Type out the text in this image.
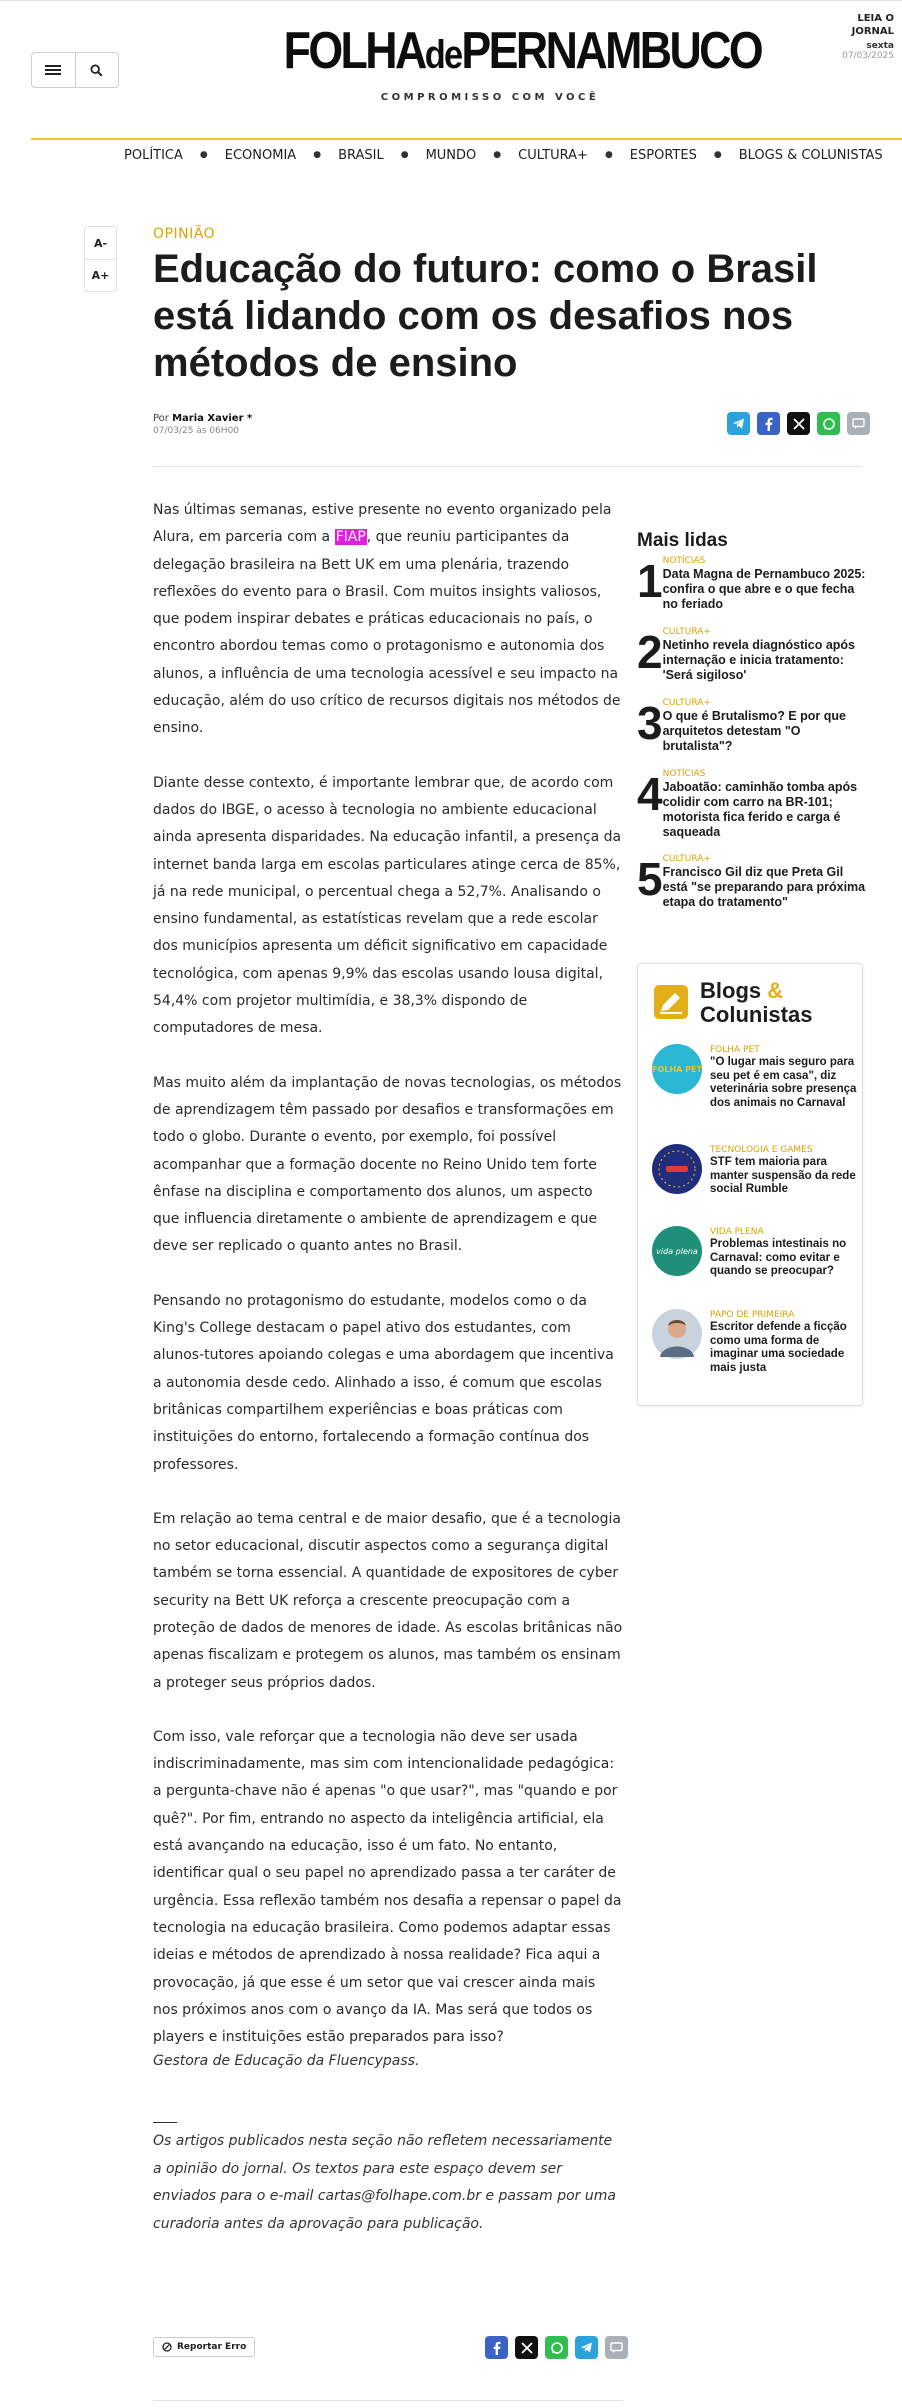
FOLHAdePERNAMBUCO
COMPROMISSO COM VOCÊ
LEIA O JORNAL
sexta
07/03/2025
POLÍTICA ● ECONOMIA ● BRASIL ● MUNDO ● CULTURA+ ● ESPORTES ● BLOGS & COLUNISTAS
A-
A+
OPINIÃO
Educação do futuro: como o Brasil está lidando com os desafios nos métodos de ensino
Por Maria Xavier *
07/03/25 às 06H00

Nas últimas semanas, estive presente no evento organizado pela Alura, em parceria com a FIAP, que reuniu participantes da delegação brasileira na Bett UK em uma plenária, trazendo reflexões do evento para o Brasil. Com muitos insights valiosos, que podem inspirar debates e práticas educacionais no país, o encontro abordou temas como o protagonismo e autonomia dos alunos, a influência de uma tecnologia acessível e seu impacto na educação, além do uso crítico de recursos digitais nos métodos de ensino.

Diante desse contexto, é importante lembrar que, de acordo com dados do IBGE, o acesso à tecnologia no ambiente educacional ainda apresenta disparidades. Na educação infantil, a presença da internet banda larga em escolas particulares atinge cerca de 85%, já na rede municipal, o percentual chega a 52,7%. Analisando o ensino fundamental, as estatísticas revelam que a rede escolar dos municípios apresenta um déficit significativo em capacidade tecnológica, com apenas 9,9% das escolas usando lousa digital, 54,4% com projetor multimídia, e 38,3% dispondo de computadores de mesa.

Mas muito além da implantação de novas tecnologias, os métodos de aprendizagem têm passado por desafios e transformações em todo o globo. Durante o evento, por exemplo, foi possível acompanhar que a formação docente no Reino Unido tem forte ênfase na disciplina e comportamento dos alunos, um aspecto que influencia diretamente o ambiente de aprendizagem e que deve ser replicado o quanto antes no Brasil.

Pensando no protagonismo do estudante, modelos como o da King's College destacam o papel ativo dos estudantes, com alunos-tutores apoiando colegas e uma abordagem que incentiva a autonomia desde cedo. Alinhado a isso, é comum que escolas britânicas compartilhem experiências e boas práticas com instituições do entorno, fortalecendo a formação contínua dos professores.

Em relação ao tema central e de maior desafio, que é a tecnologia no setor educacional, discutir aspectos como a segurança digital também se torna essencial. A quantidade de expositores de cyber security na Bett UK reforça a crescente preocupação com a proteção de dados de menores de idade. As escolas britânicas não apenas fiscalizam e protegem os alunos, mas também os ensinam a proteger seus próprios dados.

Com isso, vale reforçar que a tecnologia não deve ser usada indiscriminadamente, mas sim com intencionalidade pedagógica: a pergunta-chave não é apenas "o que usar?", mas "quando e por quê?". Por fim, entrando no aspecto da inteligência artificial, ela está avançando na educação, isso é um fato. No entanto, identificar qual o seu papel no aprendizado passa a ter caráter de urgência. Essa reflexão também nos desafia a repensar o papel da tecnologia na educação brasileira. Como podemos adaptar essas ideias e métodos de aprendizado à nossa realidade? Fica aqui a provocação, já que esse é um setor que vai crescer ainda mais nos próximos anos com o avanço da IA. Mas será que todos os players e instituições estão preparados para isso?

Gestora de Educação da Fluencypass.
Os artigos publicados nesta seção não refletem necessariamente a opinião do jornal. Os textos para este espaço devem ser enviados para o e-mail cartas@folhape.com.br e passam por uma curadoria antes da aprovação para publicação.
Reportar Erro
Mais lidas
1 NOTÍCIAS
Data Magna de Pernambuco 2025: confira o que abre e o que fecha no feriado
2 CULTURA+
Netinho revela diagnóstico após internação e inicia tratamento: 'Será sigiloso'
3 CULTURA+
O que é Brutalismo? E por que arquitetos detestam "O brutalista"?
4 NOTÍCIAS
Jaboatão: caminhão tomba após colidir com carro na BR-101; motorista fica ferido e carga é saqueada
5 CULTURA+
Francisco Gil diz que Preta Gil está "se preparando para próxima etapa do tratamento"
Blogs &
Colunistas
FOLHA PET
FOLHA PET
"O lugar mais seguro para seu pet é em casa", diz veterinária sobre presença dos animais no Carnaval
TECNOLOGIA E GAMES
STF tem maioria para manter suspensão da rede social Rumble
vida plena
VIDA PLENA
Problemas intestinais no Carnaval: como evitar e quando se preocupar?
PAPO DE PRIMEIRA
Escritor defende a ficção como uma forma de imaginar uma sociedade mais justa
